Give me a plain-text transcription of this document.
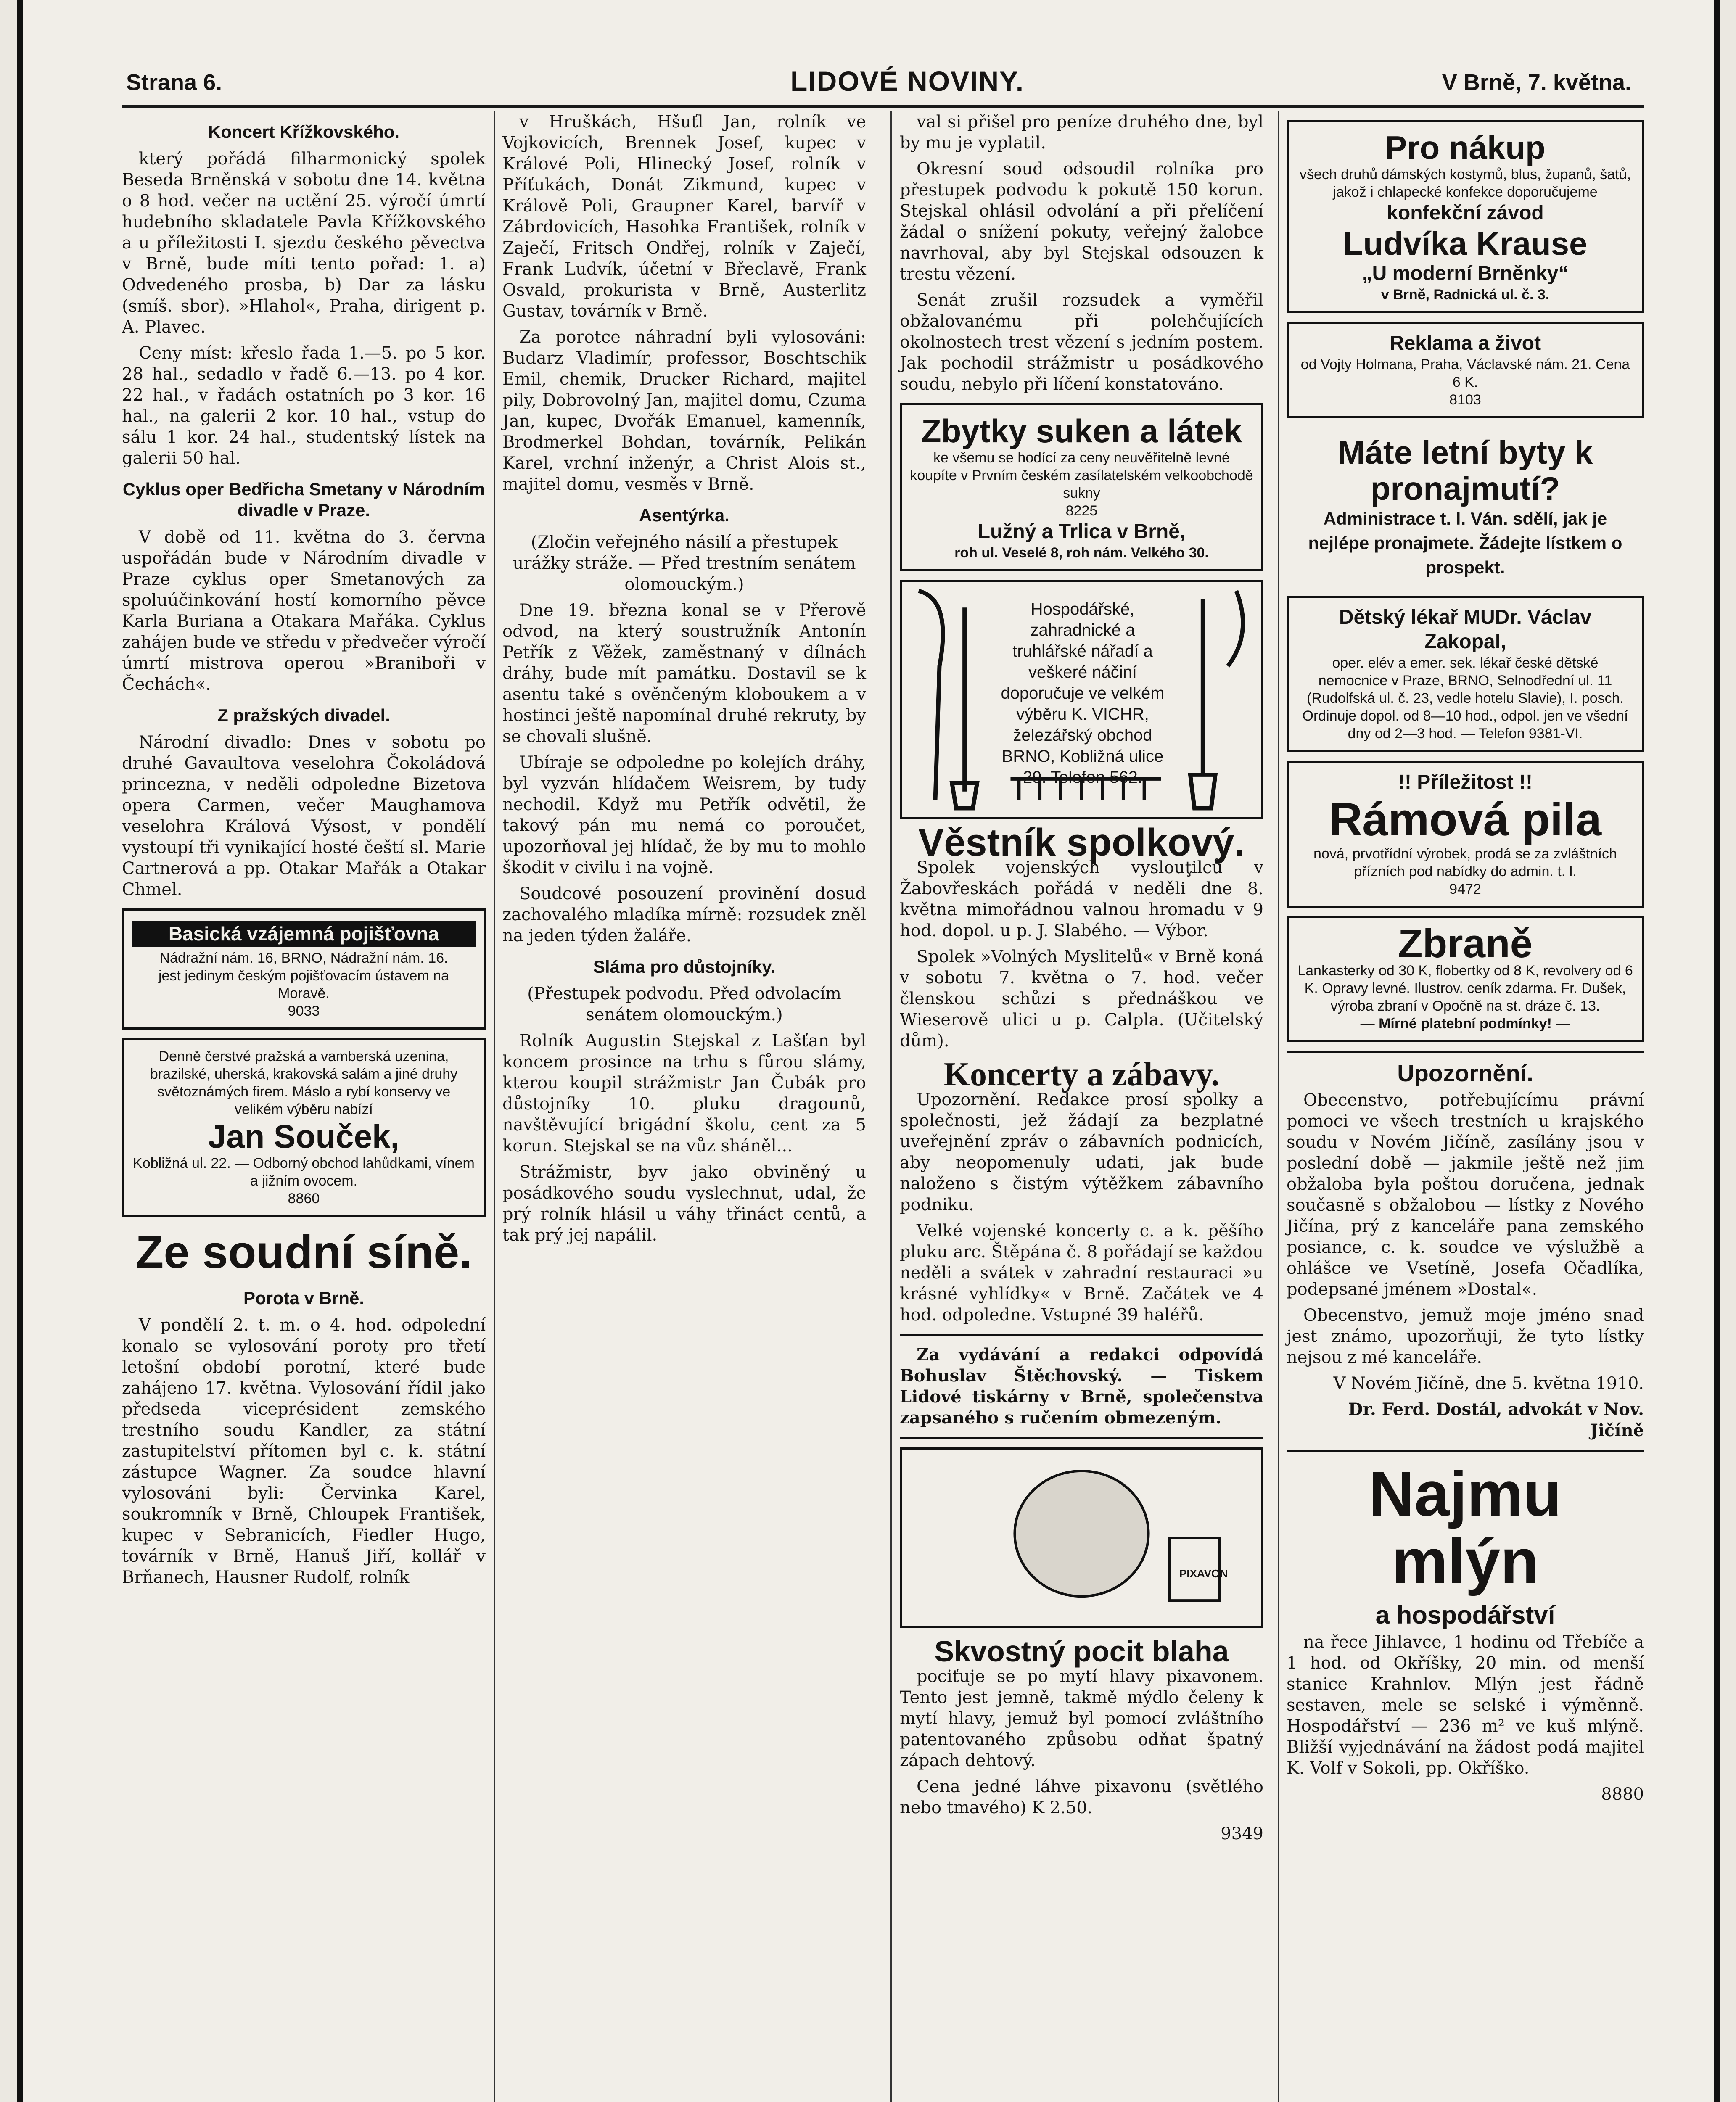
Strana 6.	LIDOVÉ NOVINY.	V Brně, 7. května.
Koncert Křížkovského.

který pořádá filharmonický spolek Beseda Brněnská v sobotu dne 14. května o 8 hod. večer na uctění 25. výročí úmrtí hudebního skladatele Pavla Křížkovského a u příležitosti I. sjezdu českého pěvectva v Brně, bude míti tento pořad: 1. a) Odvedeného prosba, b) Dar za lásku (smíš. sbor). »Hlahol«, Praha, dirigent p. A. Plavec.

Ceny míst: křeslo řada 1.—5. po 5 kor. 28 hal., sedadlo v řadě 6.—13. po 4 kor. 22 hal., v řadách ostatních po 3 kor. 16 hal., na galerii 2 kor. 10 hal., vstup do sálu 1 kor. 24 hal., studentský lístek na galerii 50 hal.

Cyklus oper Bedřicha Smetany v Národním divadle v Praze.

V době od 11. května do 3. června uspořádán bude v Národním divadle v Praze cyklus oper Smetanových za spoluúčinkování hostí komorního pěvce Karla Buriana a Otakara Mařáka. Cyklus zahájen bude ve středu v předvečer výročí úmrtí mistrova operou »Braniboři v Čechách«.

Z pražských divadel.

Národní divadlo: Dnes v sobotu po druhé Gavaultova veselohra Čokoládová princezna, v neděli odpoledne Bizetova opera Carmen, večer Maughamova veselohra Králová Výsost, v pondělí vystoupí tři vynikající hosté čeští sl. Marie Cartnerová a pp. Otakar Mařák a Otakar Chmel.

Basická vzájemná pojišťovna
Nádražní nám. 16, BRNO, Nádražní nám. 16.
jest jedinym českým pojišťovacím ústavem na Moravě.
9033
Denně čerstvé pražská a vamberská uzenina, brazilské, uherská, krakovská salám a jiné druhy světoznámých firem. Máslo a rybí konservy ve velikém výběru nabízí
Jan Souček,
Kobližná ul. 22. — Odborný obchod lahůdkami, vínem a jižním ovocem.
8860
Ze soudní síně.
Porota v Brně.

V pondělí 2. t. m. o 4. hod. odpolední konalo se vylosování poroty pro třetí letošní období porotní, které bude zahájeno 17. května. Vylosování řídil jako předseda viceprésident zemského trestního soudu Kandler, za státní zastupitelství přítomen byl c. k. státní zástupce Wagner. Za soudce hlavní vylosováni byli: Červinka Karel, soukromník v Brně, Chloupek František, kupec v Sebranicích, Fiedler Hugo, továrník v Brně, Hanuš Jiří, kollář v Brňanech, Hausner Rudolf, rolník

v Hruškách, Hšuťl Jan, rolník ve Vojkovicích, Brennek Josef, kupec v Králové Poli, Hlinecký Josef, rolník v Příťukách, Donát Zikmund, kupec v Králově Poli, Graupner Karel, barvíř v Zábrdovicích, Hasohka František, rolník v Zaječí, Fritsch Ondřej, rolník v Zaječí, Frank Ludvík, účetní v Břeclavě, Frank Osvald, prokurista v Brně, Austerlitz Gustav, továrník v Brně.

Za porotce náhradní byli vylosováni: Budarz Vladimír, professor, Boschtschik Emil, chemik, Drucker Richard, majitel pily, Dobrovolný Jan, majitel domu, Czuma Jan, kupec, Dvořák Emanuel, kamenník, Brodmerkel Bohdan, továrník, Pelikán Karel, vrchní inženýr, a Christ Alois st., majitel domu, vesměs v Brně.

Asentýrka.

(Zločin veřejného násilí a přestupek urážky stráže. — Před trestním senátem olomouckým.)

Dne 19. března konal se v Přerově odvod, na který soustružník Antonín Petřík z Věžek, zaměstnaný v dílnách dráhy, bude mít památku. Dostavil se k asentu také s ověnčeným kloboukem a v hostinci ještě napomínal druhé rekruty, by se chovali slušně.

Ubíraje se odpoledne po kolejích dráhy, byl vyzván hlídačem Weisrem, by tudy nechodil. Když mu Petřík odvětil, že takový pán mu nemá co poroučet, upozorňoval jej hlídač, že by mu to mohlo škodit v civilu i na vojně.

Soudcové posouzení provinění dosud zachovalého mladíka mírně: rozsudek zněl na jeden týden žaláře.

Sláma pro důstojníky.

(Přestupek podvodu. Před odvolacím senátem olomouckým.)

Rolník Augustin Stejskal z Lašťan byl koncem prosince na trhu s fůrou slámy, kterou koupil strážmistr Jan Čubák pro důstojníky 10. pluku dragounů, navštěvující brigádní školu, cent za 5 korun. Stejskal se na vůz sháněl...

Strážmistr, byv jako obviněný u posádkového soudu vyslechnut, udal, že prý rolník hlásil u váhy třináct centů, a tak prý jej napálil.

val si přišel pro peníze druhého dne, byl by mu je vyplatil.

Okresní soud odsoudil rolníka pro přestupek podvodu k pokutě 150 korun. Stejskal ohlásil odvolání a při přelíčení žádal o snížení pokuty, veřejný žalobce navrhoval, aby byl Stejskal odsouzen k trestu vězení.

Senát zrušil rozsudek a vyměřil obžalovanému při polehčujících okolnostech trest vězení s jedním postem. Jak pochodil strážmistr u posádkového soudu, nebylo při líčení konstatováno.

Zbytky suken a látek
ke všemu se hodící za ceny neuvěřitelně levné koupíte v Prvním českém zasílatelském velkoobchodě sukny
8225
Lužný a Trlica v Brně,
roh ul. Veselé 8, roh nám. Velkého 30.
Hospodářské, zahradnické a truhlářské nářadí a veškeré náčiní doporučuje ve velkém výběru K. VICHR, železářský obchod BRNO, Kobližná ulice 29. Telefon 562.
Věstník spolkový.

Spolek vojenských vyslouţilců v Žabovřeskách pořádá v neděli dne 8. května mimořádnou valnou hromadu v 9 hod. dopol. u p. J. Slabého. — Výbor.

Spolek »Volných Myslitelů« v Brně koná v sobotu 7. května o 7. hod. večer členskou schůzi s přednáškou ve Wieserově ulici u p. Calpla. (Učitelský dům).

Koncerty a zábavy.

Upozornění. Redakce prosí spolky a společnosti, jež žádají za bezplatné uveřejnění zpráv o zábavních podnicích, aby neopomenuly udati, jak bude naloženo s čistým výtěžkem zábavního podniku.

Velké vojenské koncerty c. a k. pěšího pluku arc. Štěpána č. 8 pořádají se každou neděli a svátek v zahradní restauraci »u krásné vyhlídky« v Brně. Začátek ve 4 hod. odpoledne. Vstupné 39 haléřů.

Za vydávání a redakci odpovídá Bohuslav Štěchovský. — Tiskem Lidové tiskárny v Brně, společenstva zapsaného s ručením obmezeným.

PIXAVON
Skvostný pocit blaha

pociťuje se po mytí hlavy pixavonem. Tento jest jemně, takmě mýdlo čeleny k mytí hlavy, jemuž byl pomocí zvláštního patentovaného způsobu odňat špatný zápach dehtový.

Cena jedné láhve pixavonu (světlého nebo tmavého) K 2.50.

9349

Pro nákup
všech druhů dámských kostymů, blus, županů, šatů, jakož i chlapecké konfekce doporučujeme
konfekční závod
Ludvíka Krause
„U moderní Brněnky“
v Brně, Radnická ul. č. 3.
Reklama a život
od Vojty Holmana, Praha, Václavské nám. 21. Cena 6 K.
8103
Máte letní byty k pronajmutí?
Administrace t. l. Ván. sdělí, jak je nejlépe pronajmete. Žádejte lístkem o prospekt.
Dětský lékař MUDr. Václav Zakopal,
oper. elév a emer. sek. lékař české dětské nemocnice v Praze, BRNO, Selnodřední ul. 11 (Rudolfská ul. č. 23, vedle hotelu Slavie), I. posch. Ordinuje dopol. od 8—10 hod., odpol. jen ve všední dny od 2—3 hod. — Telefon 9381-VI.
!! Příležitost !!
Rámová pila
nová, prvotřídní výrobek, prodá se za zvláštních přízních pod nabídky do admin. t. l.
9472
Zbraně
Lankasterky od 30 K, flobertky od 8 K, revolvery od 6 K. Opravy levné. Ilustrov. ceník zdarma. Fr. Dušek, výroba zbraní v Opočně na st. dráze č. 13.
— Mírné platební podmínky! —
Upozornění.

Obecenstvo, potřebujícímu právní pomoci ve všech trestních u krajského soudu v Novém Jičíně, zasílány jsou v poslední době — jakmile ještě než jim obžaloba byla poštou doručena, jednak současně s obžalobou — lístky z Nového Jičína, prý z kanceláře pana zemského posiance, c. k. soudce ve výslužbě a ohlášce ve Vsetíně, Josefa Očadlíka, podepsané jménem »Dostal«.

Obecenstvo, jemuž moje jméno snad jest známo, upozorňuji, že tyto lístky nejsou z mé kanceláře.

V Novém Jičíně, dne 5. května 1910.

Dr. Ferd. Dostál, advokát v Nov. Jičíně

Najmu mlýn
a hospodářství

na řece Jihlavce, 1 hodinu od Třebíče a 1 hod. od Okříšky, 20 min. od menší stanice Krahnlov. Mlýn jest řádně sestaven, mele se selské i výměnně. Hospodářství — 236 m² ve kuš mlýně. Bližší vyjednávání na žádost podá majitel K. Volf v Sokoli, pp. Okříško.

8880
